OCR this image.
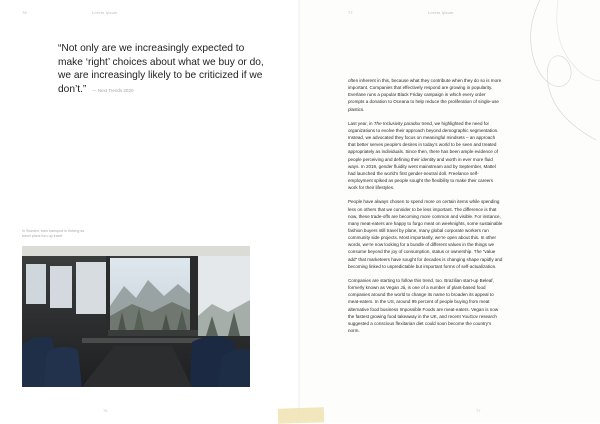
76	Lorem Ipsum
“Not only are we increasingly expected to make ‘right’ choices about what we buy or do, we are increasingly likely to be criticized if we don’t.” — Next Trends 2020
In Sweden, train transport is thriving as travel plans turn up travel
76
77	Lorem Ipsum
77

often inherent in this, because what they contribute when they do so is more important. Companies that effectively respond are growing in popularity. Everlane runs a popular Black Friday campaign in which every order prompts a donation to Oceana to help reduce the proliferation of single-use plastics.

Last year, in The Inclusivity paradox trend, we highlighted the need for organizations to evolve their approach beyond demographic segmentation. Instead, we advocated they focus on meaningful mindsets – an approach that better serves people’s desires in today’s world to be seen and treated appropriately as individuals. Since then, there has been ample evidence of people perceiving and defining their identity and worth in ever more fluid ways. In 2019, gender fluidity went mainstream and by September, Mattel had launched the world’s first gender-neutral doll. Freelance self-employment spiked as people sought the flexibility to make their careers work for their lifestyles.

People have always chosen to spend more on certain items while spending less on others that we consider to be less important. The difference is that now, these trade-offs are becoming more common and visible. For instance, many meat-eaters are happy to forgo meat on weeknights, some sustainable fashion buyers still travel by plane, many global corporate workers run community side projects. Most importantly, we’re open about this. In other words, we’re now looking for a bundle of different values in the things we consume beyond the joy of consumption, status or ownership. The “value add” that marketeers have sought for decades is changing shape rapidly and becoming linked to unpredictable but important forms of self-actualization.

Companies are starting to follow this trend, too. Brazilian start-up Beleaf, formerly known as Vegan Já, is one of a number of plant-based food companies around the world to change its name to broaden its appeal to meat-eaters. In the US, around 95 percent of people buying from meat alternative food business Impossible Foods are meat-eaters. Vegan is now the fastest growing food takeaway in the UK, and recent YouGov research suggested a conscious flexitarian diet could soon become the country’s norm.
